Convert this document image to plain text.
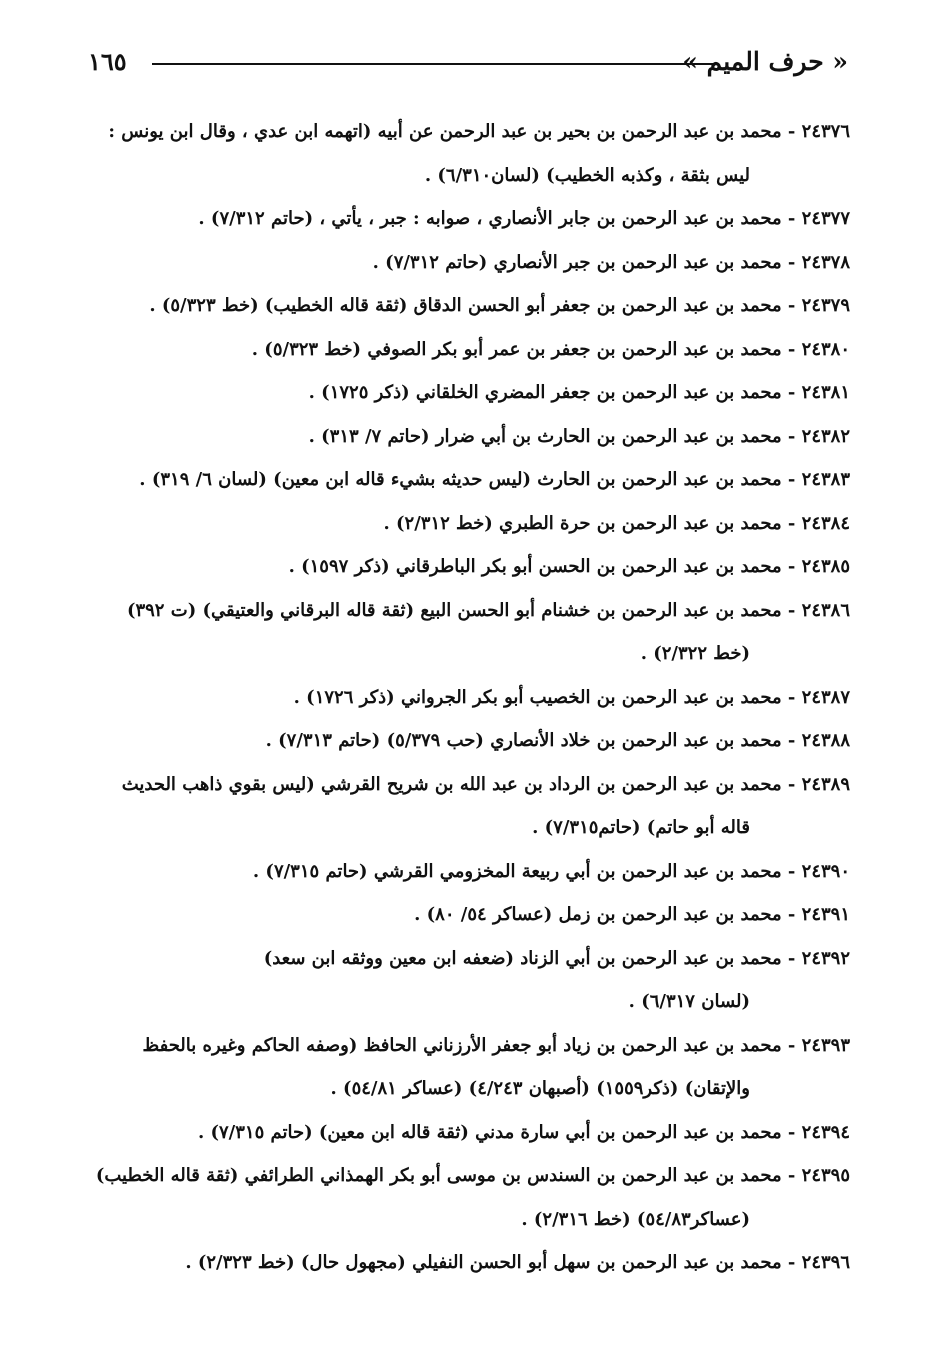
« حرف الميم »
١٦٥
٢٤٣٧٦ - محمد بن عبد الرحمن بن بحير بن عبد الرحمن عن أبيه (اتهمه ابن عدي ، وقال ابن يونس :
ليس بثقة ، وكذبه الخطيب) (لسان٦/٣١٠) .
٢٤٣٧٧ - محمد بن عبد الرحمن بن جابر الأنصاري ، صوابه : جبر ، يأتي ، (حاتم ٧/٣١٢) .
٢٤٣٧٨ - محمد بن عبد الرحمن بن جبر الأنصاري (حاتم ٧/٣١٢) .
٢٤٣٧٩ - محمد بن عبد الرحمن بن جعفر أبو الحسن الدقاق (ثقة قاله الخطيب) (خط ٥/٣٢٣) .
٢٤٣٨٠ - محمد بن عبد الرحمن بن جعفر بن عمر أبو بكر الصوفي (خط ٥/٣٢٣) .
٢٤٣٨١ - محمد بن عبد الرحمن بن جعفر المضري الخلقاني (ذكر ١٧٢٥) .
٢٤٣٨٢ - محمد بن عبد الرحمن بن الحارث بن أبي ضرار (حاتم ٧/ ٣١٣) .
٢٤٣٨٣ - محمد بن عبد الرحمن بن الحارث (ليس حديثه بشيء قاله ابن معين) (لسان ٦/ ٣١٩) .
٢٤٣٨٤ - محمد بن عبد الرحمن بن حرة الطبري (خط ٢/٣١٢) .
٢٤٣٨٥ - محمد بن عبد الرحمن بن الحسن أبو بكر الباطرقاني (ذكر ١٥٩٧) .
٢٤٣٨٦ - محمد بن عبد الرحمن بن خشنام أبو الحسن البيع (ثقة قاله البرقاني والعتيقي) (ت ٣٩٢)
(خط ٢/٣٢٢) .
٢٤٣٨٧ - محمد بن عبد الرحمن بن الخصيب أبو بكر الجرواني (ذكر ١٧٢٦) .
٢٤٣٨٨ - محمد بن عبد الرحمن بن خلاد الأنصاري (حب ٥/٣٧٩) (حاتم ٧/٣١٣) .
٢٤٣٨٩ - محمد بن عبد الرحمن بن الرداد بن عبد الله بن شريح القرشي (ليس بقوي ذاهب الحديث
قاله أبو حاتم) (حاتم٧/٣١٥) .
٢٤٣٩٠ - محمد بن عبد الرحمن بن أبي ربيعة المخزومي القرشي (حاتم ٧/٣١٥) .
٢٤٣٩١ - محمد بن عبد الرحمن بن زمل (عساكر ٥٤/ ٨٠) .
٢٤٣٩٢ - محمد بن عبد الرحمن بن أبي الزناد (ضعفه ابن معين ووثقه ابن سعد)
(لسان ٦/٣١٧) .
٢٤٣٩٣ - محمد بن عبد الرحمن بن زياد أبو جعفر الأرزناني الحافظ (وصفه الحاكم وغيره بالحفظ
والإتقان) (ذكر١٥٥٩) (أصبهان ٤/٢٤٣) (عساكر ٥٤/٨١) .
٢٤٣٩٤ - محمد بن عبد الرحمن بن أبي سارة مدني (ثقة قاله ابن معين) (حاتم ٧/٣١٥) .
٢٤٣٩٥ - محمد بن عبد الرحمن بن السندس بن موسى أبو بكر الهمذاني الطرائفي (ثقة قاله الخطيب)
(عساكر٥٤/٨٣) (خط ٢/٣١٦) .
٢٤٣٩٦ - محمد بن عبد الرحمن بن سهل أبو الحسن النفيلي (مجهول حال) (خط ٢/٣٢٣) .
